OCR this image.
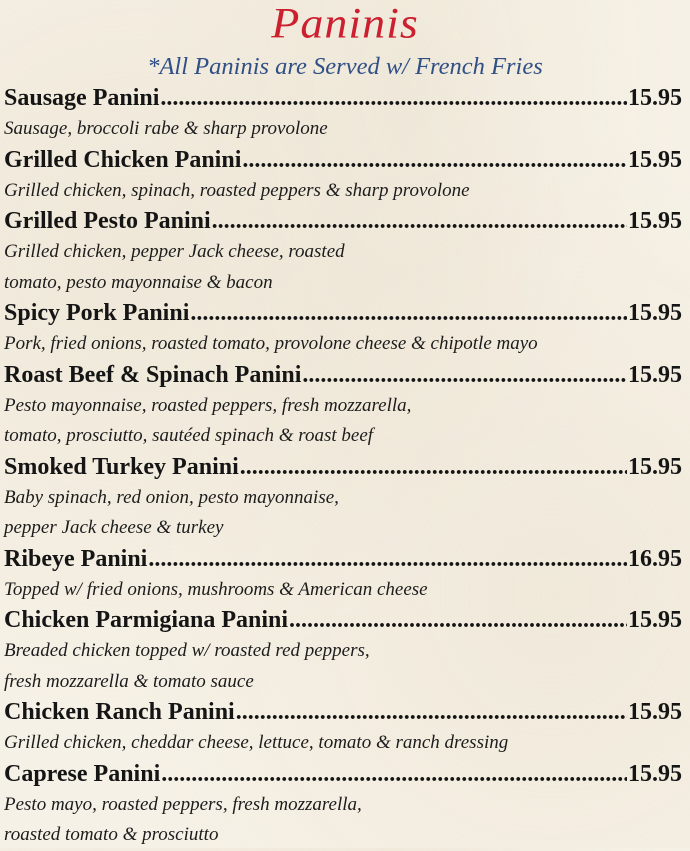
Paninis
*All Paninis are Served w/ French Fries
Sausage Panini .....	15.95
Sausage, broccoli rabe & sharp provolone
Grilled Chicken Panini .....	15.95
Grilled chicken, spinach, roasted peppers & sharp provolone
Grilled Pesto Panini .....	15.95
Grilled chicken, pepper Jack cheese, roasted
tomato, pesto mayonnaise & bacon
Spicy Pork Panini .....	15.95
Pork, fried onions, roasted tomato, provolone cheese & chipotle mayo
Roast Beef & Spinach Panini .....	15.95
Pesto mayonnaise, roasted peppers, fresh mozzarella,
tomato, prosciutto, sautéed spinach & roast beef
Smoked Turkey Panini .....	15.95
Baby spinach, red onion, pesto mayonnaise,
pepper Jack cheese & turkey
Ribeye Panini .....	16.95
Topped w/ fried onions, mushrooms & American cheese
Chicken Parmigiana Panini .....	15.95
Breaded chicken topped w/ roasted red peppers,
fresh mozzarella & tomato sauce
Chicken Ranch Panini .....	15.95
Grilled chicken, cheddar cheese, lettuce, tomato & ranch dressing
Caprese Panini .....	15.95
Pesto mayo, roasted peppers, fresh mozzarella,
roasted tomato & prosciutto
